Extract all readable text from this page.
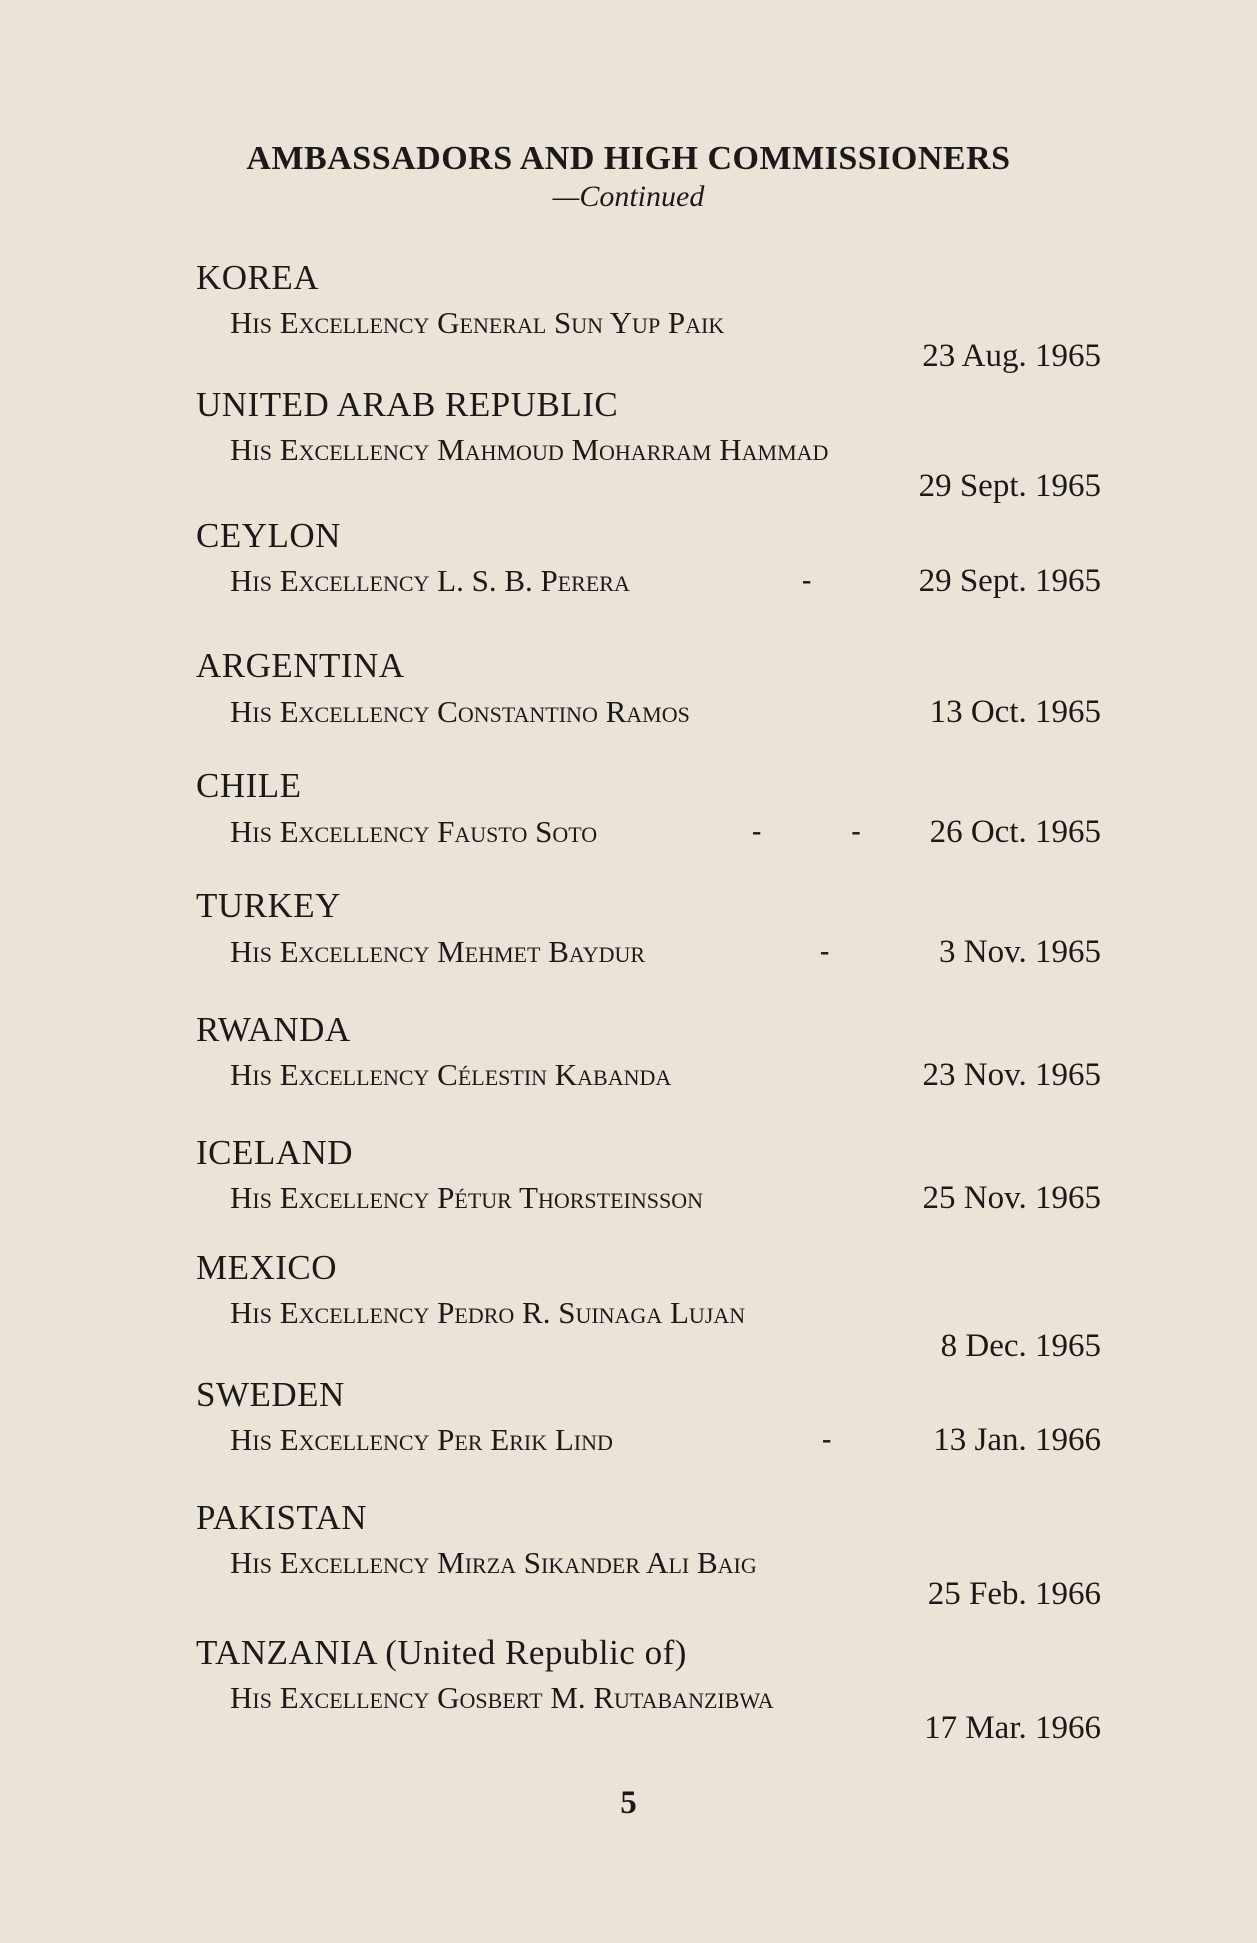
AMBASSADORS AND HIGH COMMISSIONERS
—Continued
KOREA
His Excellency General Sun Yup Paik
23 Aug. 1965
UNITED ARAB REPUBLIC
His Excellency Mahmoud Moharram Hammad
29 Sept. 1965
CEYLON
His Excellency L. S. B. Perera	-	29 Sept. 1965
ARGENTINA
His Excellency Constantino Ramos	13 Oct. 1965
CHILE
His Excellency Fausto Soto	-  - 26 Oct. 1965
TURKEY
His Excellency Mehmet Baydur	-	3 Nov. 1965
RWANDA
His Excellency Célestin Kabanda	23 Nov. 1965
ICELAND
His Excellency Pétur Thorsteinsson	25 Nov. 1965
MEXICO
His Excellency Pedro R. Suinaga Lujan
8 Dec. 1965
SWEDEN
His Excellency Per Erik Lind	-	13 Jan. 1966
PAKISTAN
His Excellency Mirza Sikander Ali Baig
25 Feb. 1966
TANZANIA (United Republic of)
His Excellency Gosbert M. Rutabanzibwa
17 Mar. 1966
5
